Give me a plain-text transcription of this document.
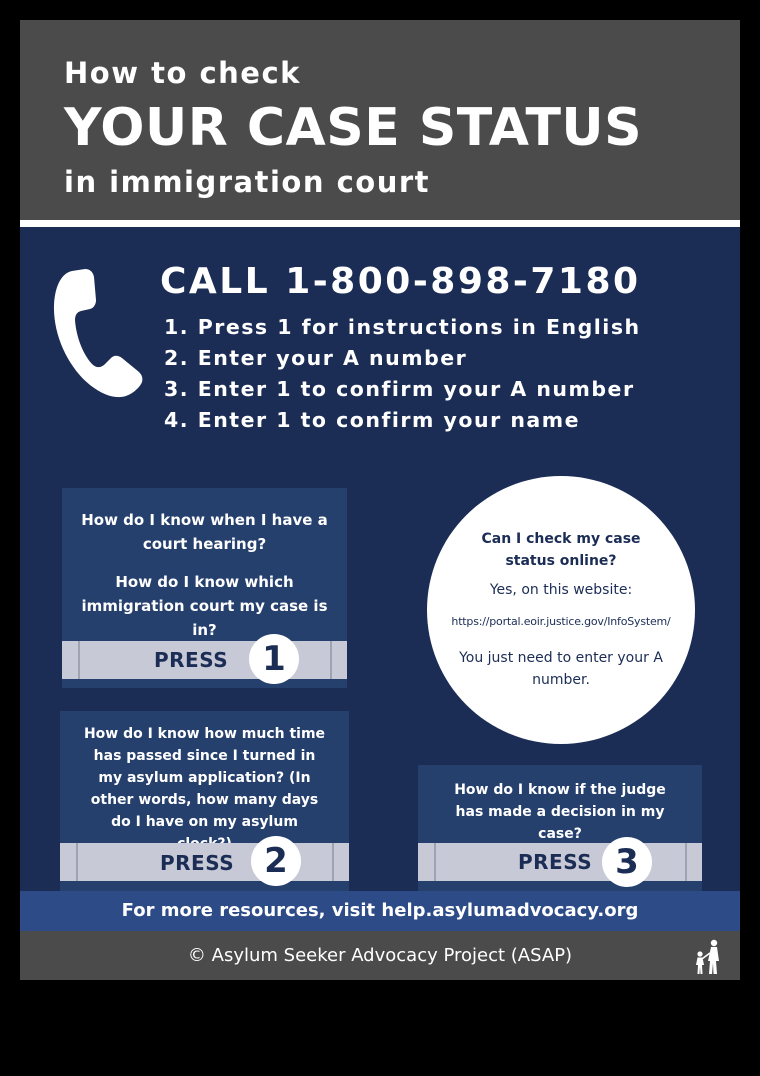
How to check
YOUR CASE STATUS
in immigration court
CALL 1-800-898-7180
1. Press 1 for instructions in English
2. Enter your A number
3. Enter 1 to confirm your A number
4. Enter 1 to confirm your name

How do I know when I have a court hearing?

How do I know which immigration court my case is in?

PRESS	1
Can I check my case status online?
Yes, on this website:
https://portal.eoir.justice.gov/InfoSystem/
You just need to enter your A number.

How do I know how much time has passed since I turned in my asylum application? (In other words, how many days do I have on my asylum

PRESS 2

How do I know if the judge has made a decision in my case?

PRESS 3
For more resources, visit help.asylumadvocacy.org
© Asylum Seeker Advocacy Project (ASAP)
